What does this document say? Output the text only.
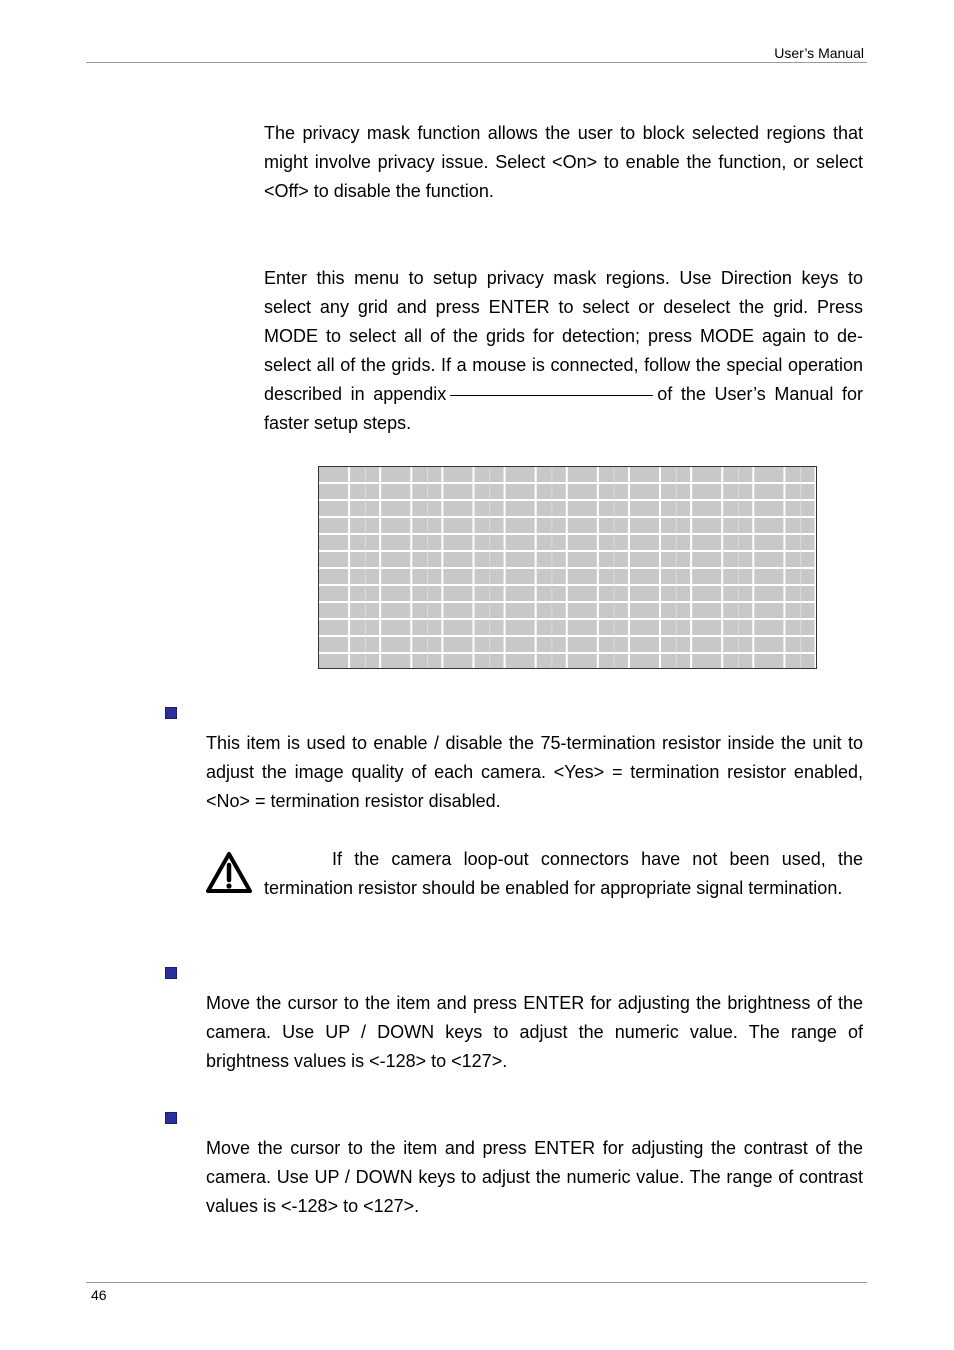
User’s Manual

The privacy mask function allows the user to block selected regions that might involve privacy issue. Select <On> to enable the function, or select <Off> to disable the function.

Enter this menu to setup privacy mask regions. Use Direction keys to select any grid and press ENTER to select or deselect the grid. Press MODE to select all of the grids for detection; press MODE again to de-select all of the grids. If a mouse is connected, follow the special operation described in appendix	of the User’s Manual for faster setup steps.

This item is used to enable / disable the 75-termination resistor inside the unit to adjust the image quality of each camera. <Yes> = termination resistor enabled, <No> = termination resistor disabled.

If the camera loop-out connectors have not been used, the termination resistor should be enabled for appropriate signal termination.

Move the cursor to the item and press ENTER for adjusting the brightness of the camera. Use UP / DOWN keys to adjust the numeric value. The range of brightness values is <-128> to <127>.

Move the cursor to the item and press ENTER for adjusting the contrast of the camera. Use UP / DOWN keys to adjust the numeric value. The range of contrast values is <-128> to <127>.

46
